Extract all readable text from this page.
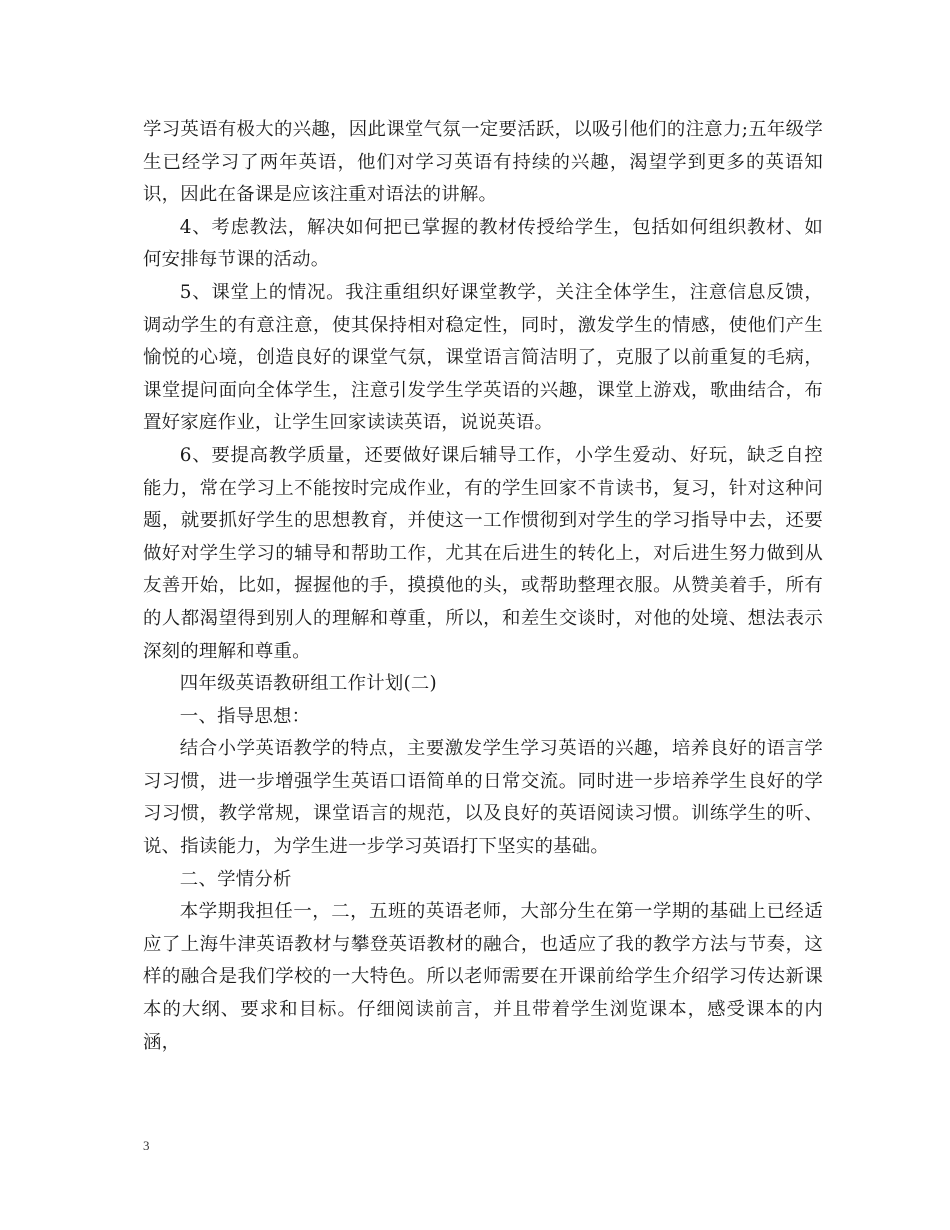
学习英语有极大的兴趣，因此课堂气氛一定要活跃，以吸引他们的注意力;五年级学生已经学习了两年英语，他们对学习英语有持续的兴趣，渴望学到更多的英语知识，因此在备课是应该注重对语法的讲解。

4、考虑教法，解决如何把已掌握的教材传授给学生，包括如何组织教材、如何安排每节课的活动。

5、课堂上的情况。我注重组织好课堂教学，关注全体学生，注意信息反馈，调动学生的有意注意，使其保持相对稳定性，同时，激发学生的情感，使他们产生愉悦的心境，创造良好的课堂气氛，课堂语言简洁明了，克服了以前重复的毛病，课堂提问面向全体学生，注意引发学生学英语的兴趣，课堂上游戏，歌曲结合，布置好家庭作业，让学生回家读读英语，说说英语。

6、要提高教学质量，还要做好课后辅导工作，小学生爱动、好玩，缺乏自控能力，常在学习上不能按时完成作业，有的学生回家不肯读书，复习，针对这种问题，就要抓好学生的思想教育，并使这一工作惯彻到对学生的学习指导中去，还要做好对学生学习的辅导和帮助工作，尤其在后进生的转化上，对后进生努力做到从友善开始，比如，握握他的手，摸摸他的头，或帮助整理衣服。从赞美着手，所有的人都渴望得到别人的理解和尊重，所以，和差生交谈时，对他的处境、想法表示深刻的理解和尊重。

四年级英语教研组工作计划(二)

一、指导思想：

结合小学英语教学的特点，主要激发学生学习英语的兴趣，培养良好的语言学习习惯，进一步增强学生英语口语简单的日常交流。同时进一步培养学生良好的学习习惯，教学常规，课堂语言的规范，以及良好的英语阅读习惯。训练学生的听、说、指读能力，为学生进一步学习英语打下坚实的基础。

二、学情分析

本学期我担任一，二，五班的英语老师，大部分生在第一学期的基础上已经适应了上海牛津英语教材与攀登英语教材的融合，也适应了我的教学方法与节奏，这样的融合是我们学校的一大特色。所以老师需要在开课前给学生介绍学习传达新课本的大纲、要求和目标。仔细阅读前言，并且带着学生浏览课本，感受课本的内涵，

3
